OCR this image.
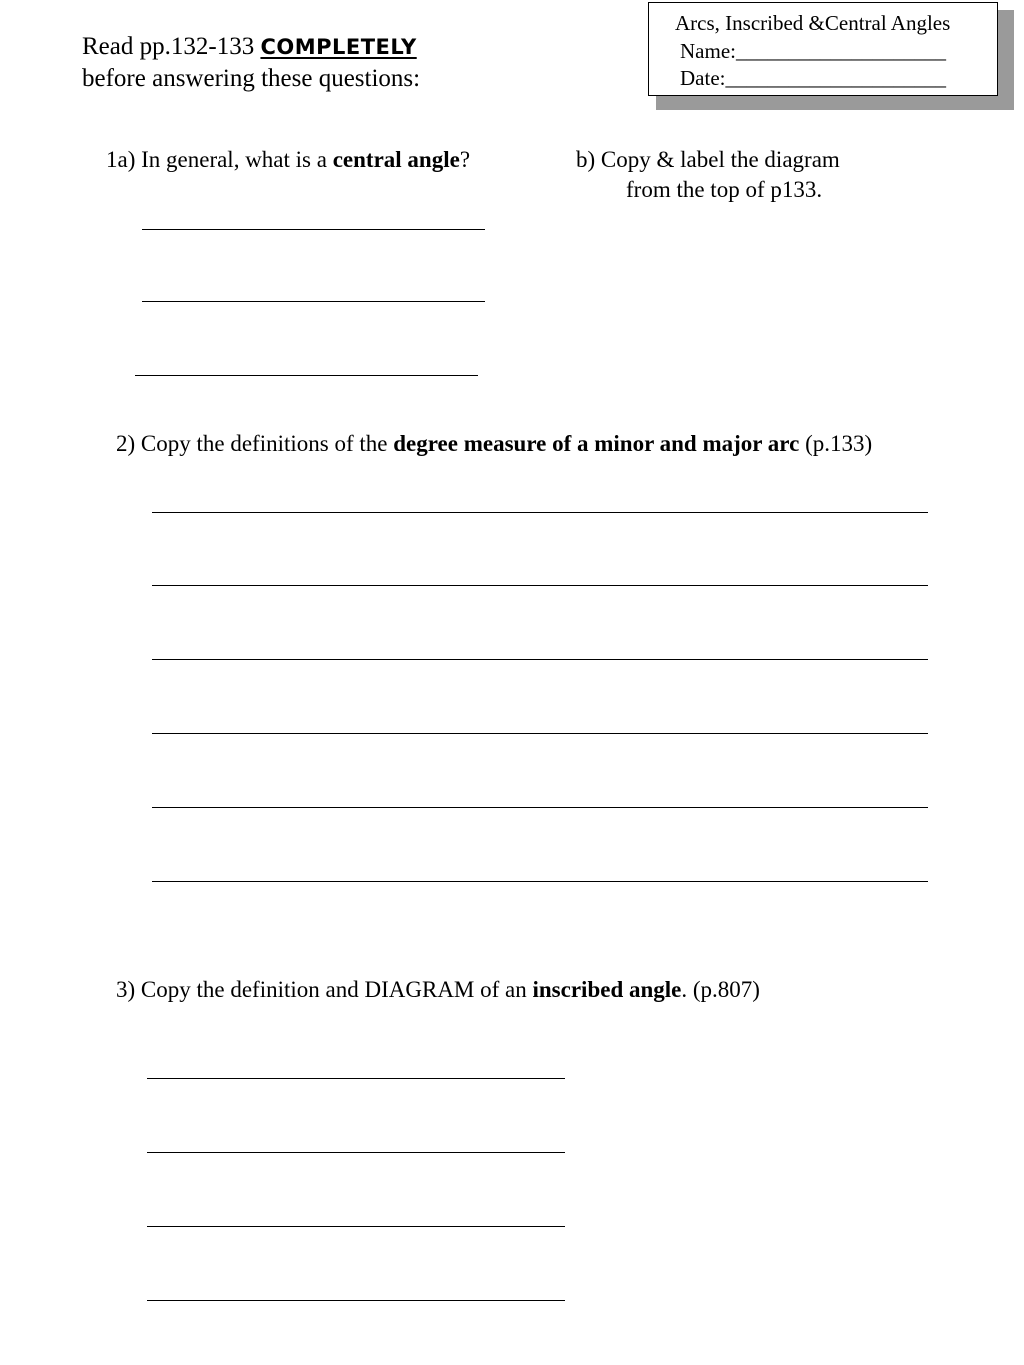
Arcs, Inscribed &Central Angles
Name:____________________
Date:_____________________
Read pp.132-133 COMPLETELY
before answering these questions:
1a) In general, what is a central angle?	b) Copy & label the diagram
from the top of p133.
2) Copy the definitions of the degree measure of a minor and major arc (p.133)
3) Copy the definition and DIAGRAM of an inscribed angle. (p.807)
